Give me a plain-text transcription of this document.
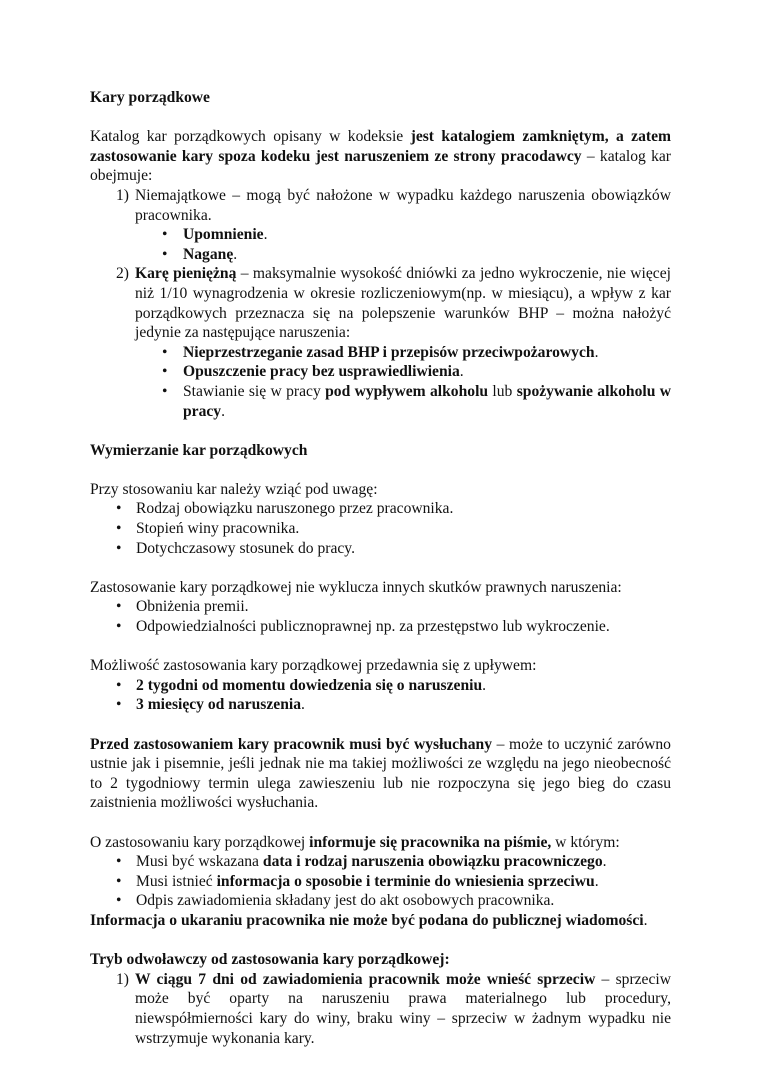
Kary porządkowe

Katalog kar porządkowych opisany w kodeksie jest katalogiem zamkniętym, a zatem zastosowanie kary spoza kodeku jest naruszeniem ze strony pracodawcy – katalog kar obejmuje:

1) Niemajątkowe – mogą być nałożone w wypadku każdego naruszenia obowiązków pracownika.
• Upomnienie.
• Naganę.
2) Karę pieniężną – maksymalnie wysokość dniówki za jedno wykroczenie, nie więcej niż 1/10 wynagrodzenia w okresie rozliczeniowym(np. w miesiącu), a wpływ z kar porządkowych przeznacza się na polepszenie warunków BHP – można nałożyć jedynie za następujące naruszenia:
• Nieprzestrzeganie zasad BHP i przepisów przeciwpożarowych.
• Opuszczenie pracy bez usprawiedliwienia.
• Stawianie się w pracy pod wypływem alkoholu lub spożywanie alkoholu w pracy.

Wymierzanie kar porządkowych

Przy stosowaniu kar należy wziąć pod uwagę:

• Rodzaj obowiązku naruszonego przez pracownika.
• Stopień winy pracownika.
• Dotychczasowy stosunek do pracy.

Zastosowanie kary porządkowej nie wyklucza innych skutków prawnych naruszenia:

• Obniżenia premii.
• Odpowiedzialności publicznoprawnej np. za przestępstwo lub wykroczenie.

Możliwość zastosowania kary porządkowej przedawnia się z upływem:

• 2 tygodni od momentu dowiedzenia się o naruszeniu.
• 3 miesięcy od naruszenia.

Przed zastosowaniem kary pracownik musi być wysłuchany – może to uczynić zarówno ustnie jak i pisemnie, jeśli jednak nie ma takiej możliwości ze względu na jego nieobecność to 2 tygodniowy termin ulega zawieszeniu lub nie rozpoczyna się jego bieg do czasu zaistnienia możliwości wysłuchania.

O zastosowaniu kary porządkowej informuje się pracownika na piśmie, w którym:

• Musi być wskazana data i rodzaj naruszenia obowiązku pracowniczego.
• Musi istnieć informacja o sposobie i terminie do wniesienia sprzeciwu.
• Odpis zawiadomienia składany jest do akt osobowych pracownika.

Informacja o ukaraniu pracownika nie może być podana do publicznej wiadomości.

Tryb odwoławczy od zastosowania kary porządkowej:

1) W ciągu 7 dni od zawiadomienia pracownik może wnieść sprzeciw – sprzeciw może być oparty na naruszeniu prawa materialnego lub procedury, niewspółmierności kary do winy, braku winy – sprzeciw w żadnym wypadku nie wstrzymuje wykonania kary.
